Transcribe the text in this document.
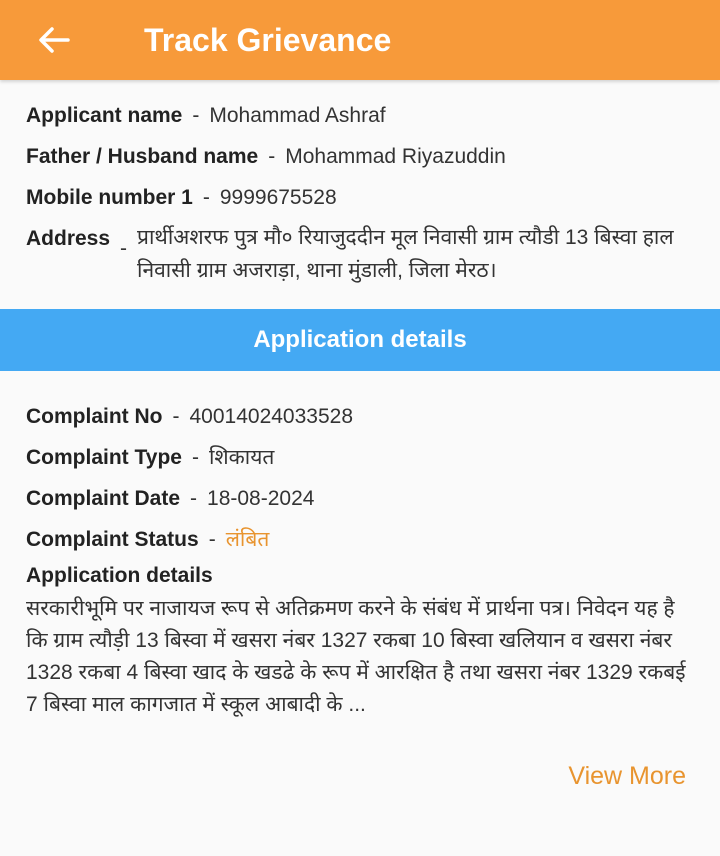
Track Grievance
Applicant name - Mohammad Ashraf
Father / Husband name - Mohammad Riyazuddin
Mobile number 1 - 9999675528
Address - प्रार्थीअशरफ पुत्र मौ० रियाजुददीन मूल निवासी ग्राम त्यौडी 13 बिस्वा हाल निवासी ग्राम अजराड़ा, थाना मुंडाली, जिला मेरठ।
Application details
Complaint No - 40014024033528
Complaint Type - शिकायत
Complaint Date - 18-08-2024
Complaint Status - लंबित
Application details
सरकारीभूमि पर नाजायज रूप से अतिक्रमण करने के संबंध में प्रार्थना पत्र। निवेदन यह है कि ग्राम त्यौड़ी 13 बिस्वा में खसरा नंबर 1327 रकबा 10 बिस्वा खलियान व खसरा नंबर 1328 रकबा 4 बिस्वा खाद के खडढे के रूप में आरक्षित है तथा खसरा नंबर 1329 रकबई 7 बिस्वा माल कागजात में स्कूल आबादी के ...
View More
